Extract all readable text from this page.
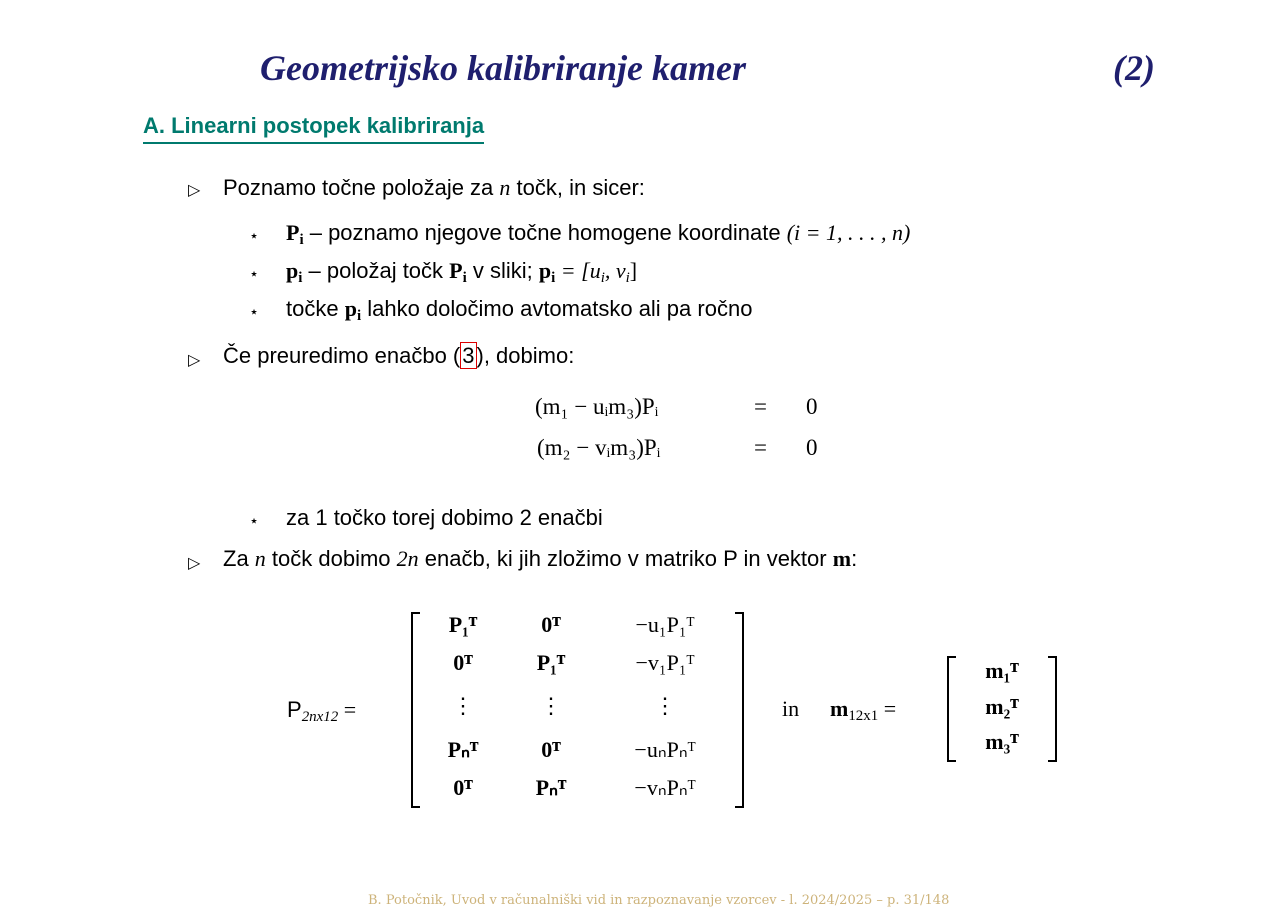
Geometrijsko kalibriranje kamer	(2)
A. Linearni postopek kalibriranja
▷ Poznamo točne položaje za n točk, in sicer:
⋆ $P_i$ – poznamo njegove točne homogene koordinate (i = 1, . . . , n)
⋆ $p_i$ – položaj točk $P_i$ v sliki; $p_i = [u_i$, $v_i$]
⋆ točke $p_i$ lahko določimo avtomatsko ali pa ročno
▷ Če preuredimo enačbo (3), dobimo:
(m₁ − uᵢm₃)Pᵢ	= 0
(m₂ − vᵢm₃)Pᵢ	= 0
⋆ za 1 točko torej dobimo 2 enačbi
▷ Za n točk dobimo 2n enačb, ki jih zložimo v matriko P in vektor m:
$P_{2nx12}$ =
P₁ᵀ	0ᵀ	−u₁P₁ᵀ
0ᵀ	P₁ᵀ	−v₁P₁ᵀ
⋮	⋮	⋮
Pₙᵀ	0ᵀ	−uₙPₙᵀ
0ᵀ	Pₙᵀ	−vₙPₙᵀ
in $m_{12x1}$ =
m₁ᵀ
m₂ᵀ
m₃ᵀ
B. Potočnik, Uvod v računalniški vid in razpoznavanje vzorcev - l. 2024/2025 – p. 31/148
